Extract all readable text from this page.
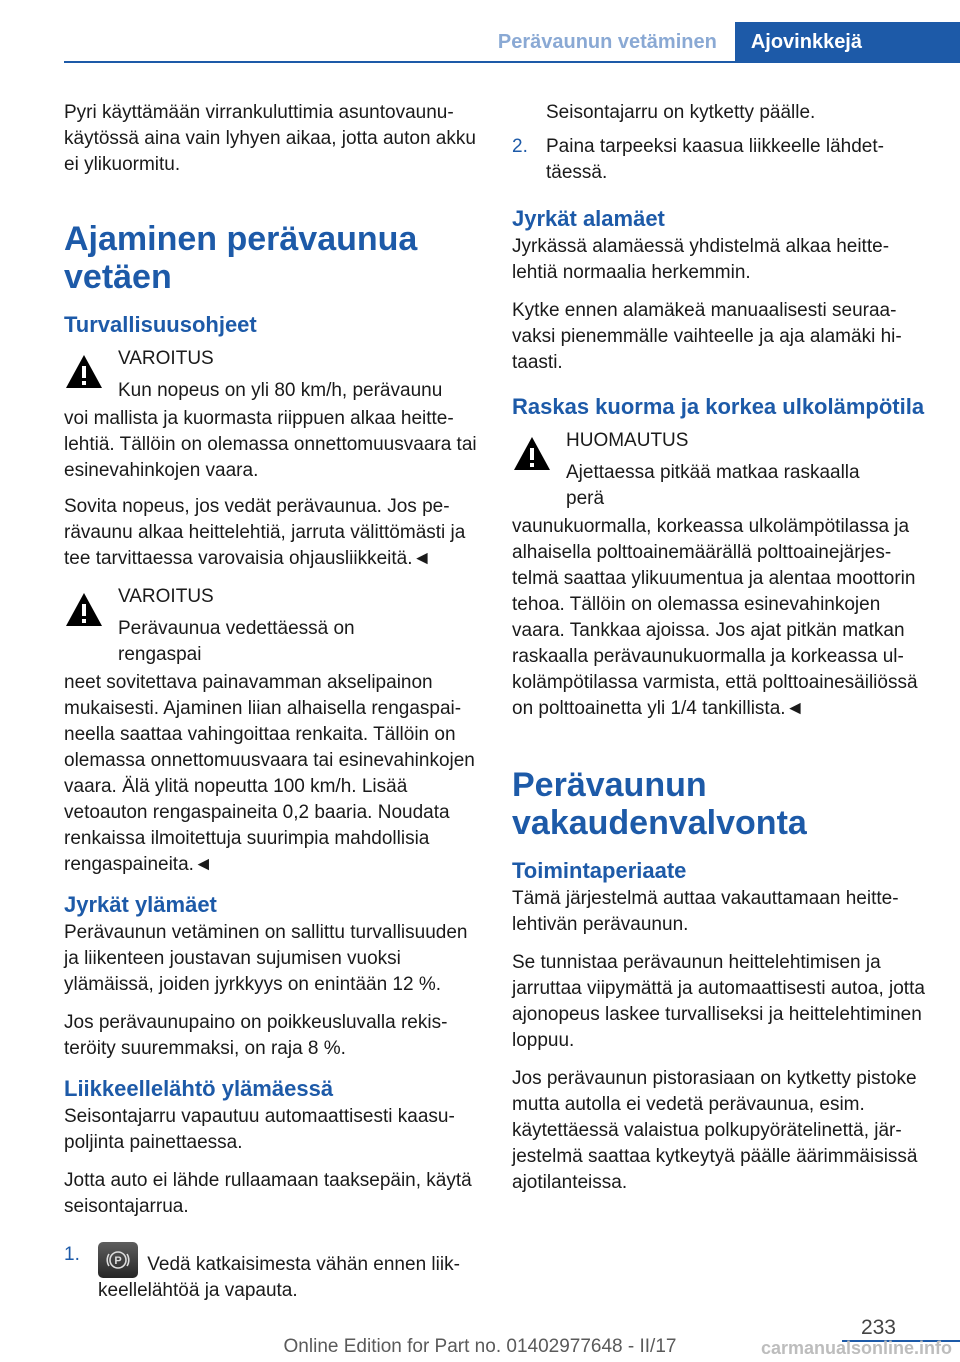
Perävaunun vetäminen	Ajovinkkejä

Pyri käyttämään virrankuluttimia asuntovaunukäytössä aina vain lyhyen aikaa, jotta auton akku ei ylikuormitu.

Ajaminen perävaunua vetäen
Turvallisuusohjeet
VAROITUS
Kun nopeus on yli 80 km/h, perävaunu

voi mallista ja kuormasta riippuen alkaa heittelehtiä. Tällöin on olemassa onnettomuusvaara tai esinevahinkojen vaara.

Sovita nopeus, jos vedät perävaunua. Jos perävaunu alkaa heittelehtiä, jarruta välittömästi ja tee tarvittaessa varovaisia ohjausliikkeitä.◄

VAROITUS
Perävaunua vedettäessä on rengaspai

neet sovitettava painavamman akselipainon mukaisesti. Ajaminen liian alhaisella rengaspaineella saattaa vahingoittaa renkaita. Tällöin on olemassa onnettomuusvaara tai esinevahinkojen vaara. Älä ylitä nopeutta 100 km/h. Lisää vetoauton rengaspaineita 0,2 baaria. Noudata renkaissa ilmoitettuja suurimpia mahdollisia rengaspaineita.◄

Jyrkät ylämäet

Perävaunun vetäminen on sallittu turvallisuuden ja liikenteen joustavan sujumisen vuoksi ylämäissä, joiden jyrkkyys on enintään 12 %.

Jos perävaunupaino on poikkeusluvalla rekisteröity suuremmaksi, on raja 8 %.

Liikkeellelähtö ylämäessä

Seisontajarru vapautuu automaattisesti kaasupoljinta painettaessa.

Jotta auto ei lähde rullaamaan taaksepäin, käytä seisontajarrua.

1.	P Vedä katkaisimesta vähän ennen liikkeellelähtöä ja vapauta.
Seisontajarru on kytketty päälle.
2. Paina tarpeeksi kaasua liikkeelle lähdettäessä.
Jyrkät alamäet

Jyrkässä alamäessä yhdistelmä alkaa heittelehtiä normaalia herkemmin.

Kytke ennen alamäkeä manuaalisesti seuraavaksi pienemmälle vaihteelle ja aja alamäki hitaasti.

Raskas kuorma ja korkea ulkolämpötila
HUOMAUTUS
Ajettaessa pitkää matkaa raskaalla perä

vaunukuormalla, korkeassa ulkolämpötilassa ja alhaisella polttoainemäärällä polttoainejärjestelmä saattaa ylikuumentua ja alentaa moottorin tehoa. Tällöin on olemassa esinevahinkojen vaara. Tankkaa ajoissa. Jos ajat pitkän matkan raskaalla perävaunukuormalla ja korkeassa ulkolämpötilassa varmista, että polttoainesäiliössä on polttoainetta yli 1/4 tankillista.◄

Perävaunun vakaudenvalvonta
Toimintaperiaate

Tämä järjestelmä auttaa vakauttamaan heittelehtivän perävaunun.

Se tunnistaa perävaunun heittelehtimisen ja jarruttaa viipymättä ja automaattisesti autoa, jotta ajonopeus laskee turvalliseksi ja heittelehtiminen loppuu.

Jos perävaunun pistorasiaan on kytketty pistoke mutta autolla ei vedetä perävaunua, esim. käytettäessä valaistua polkupyörätelinettä, järjestelmä saattaa kytkeytyä päälle äärimmäisissä ajotilanteissa.

233
Online Edition for Part no. 01402977648 - II/17	carmanualsonline.info
